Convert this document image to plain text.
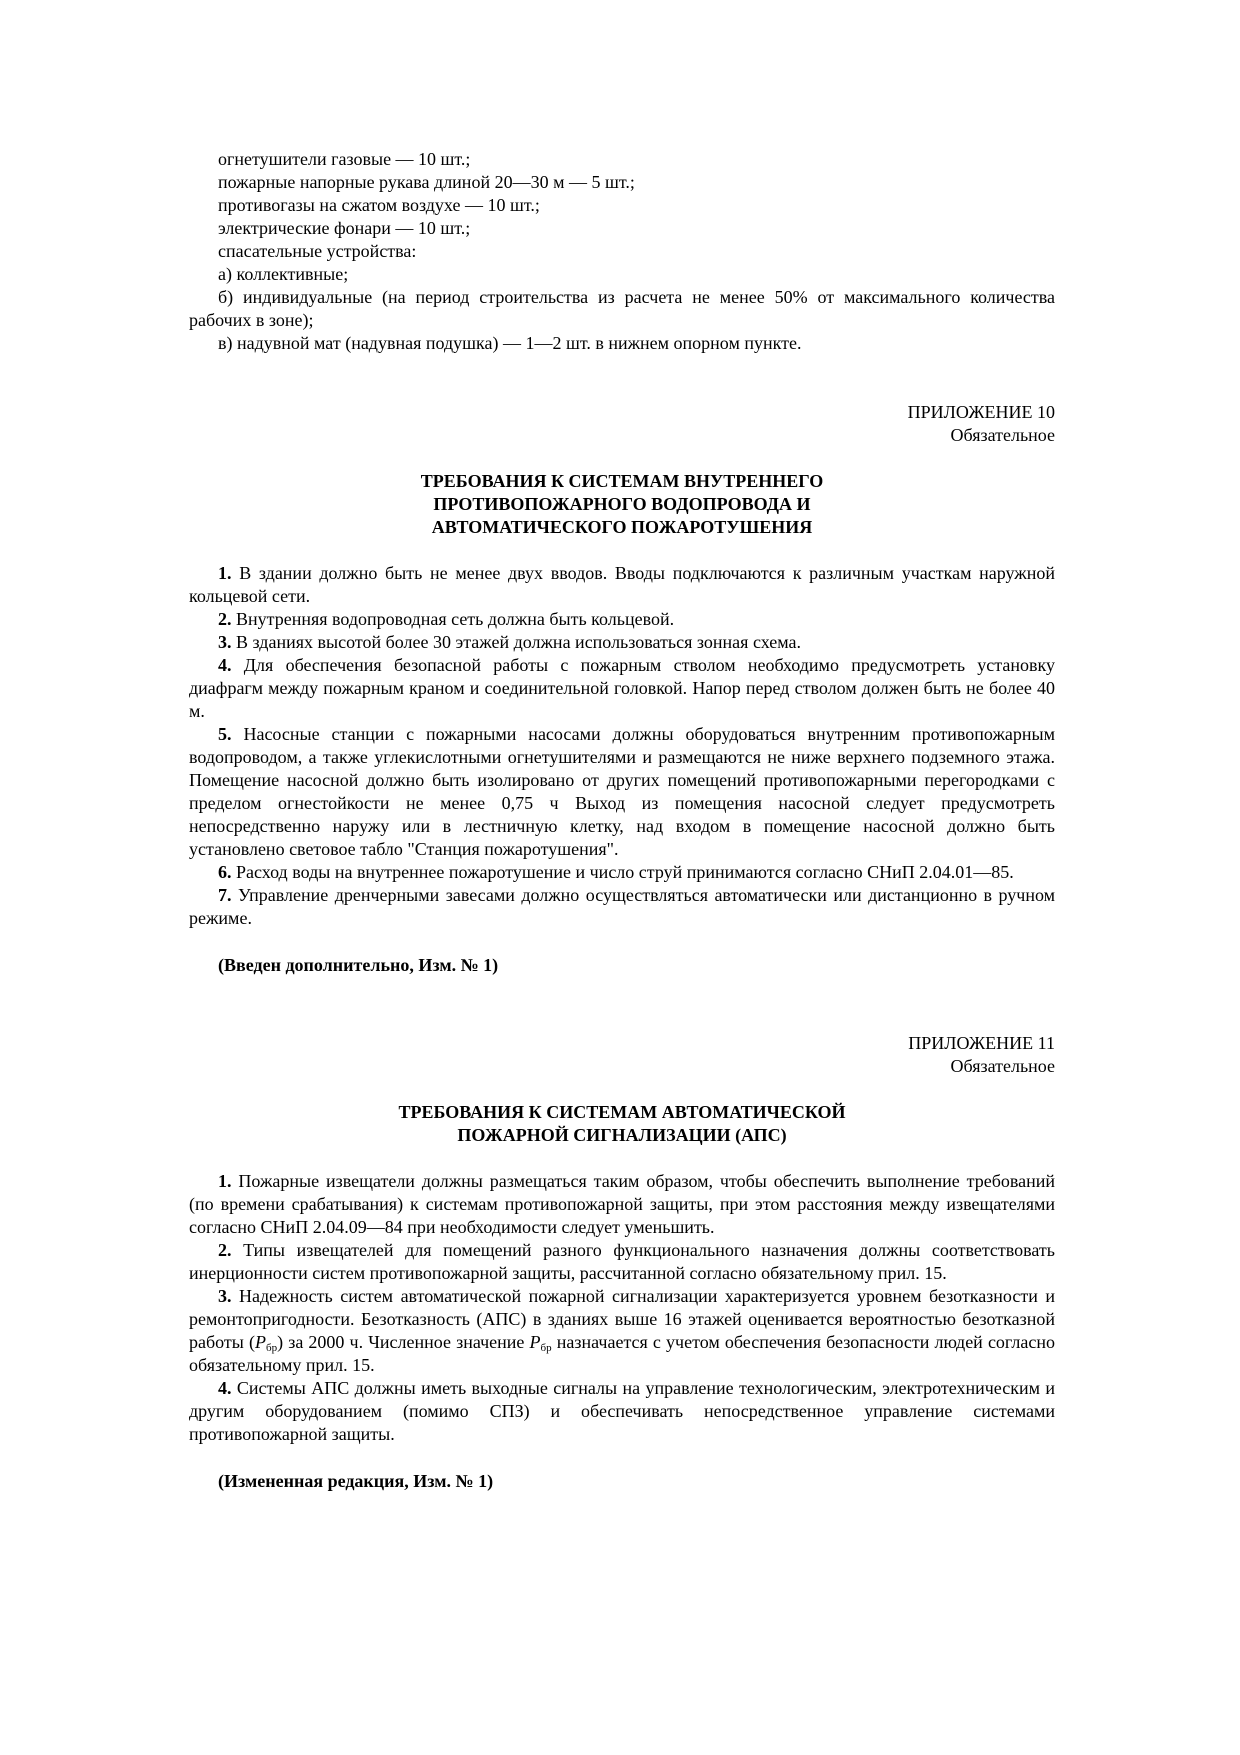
огнетушители газовые — 10 шт.;

пожарные напорные рукава длиной 20—30 м — 5 шт.;

противогазы на сжатом воздухе — 10 шт.;

электрические фонари — 10 шт.;

спасательные устройства:

а) коллективные;

б) индивидуальные (на период строительства из расчета не менее 50% от максимального количества рабочих в зоне);

в) надувной мат (надувная подушка) — 1—2 шт. в нижнем опорном пункте.

ПРИЛОЖЕНИЕ 10
Обязательное
ТРЕБОВАНИЯ К СИСТЕМАМ ВНУТРЕННЕГО
ПРОТИВОПОЖАРНОГО ВОДОПРОВОДА И
АВТОМАТИЧЕСКОГО ПОЖАРОТУШЕНИЯ

1. В здании должно быть не менее двух вводов. Вводы подключаются к различным участкам наружной кольцевой сети.

2. Внутренняя водопроводная сеть должна быть кольцевой.

3. В зданиях высотой более 30 этажей должна использоваться зонная схема.

4. Для обеспечения безопасной работы с пожарным стволом необходимо предусмотреть установку диафрагм между пожарным краном и соединительной головкой. Напор перед стволом должен быть не более 40 м.

5. Насосные станции с пожарными насосами должны оборудоваться внутренним противопожарным водопроводом, а также углекислотными огнетушителями и размещаются не ниже верхнего подземного этажа. Помещение насосной должно быть изолировано от других помещений противопожарными перегородками с пределом огнестойкости не менее 0,75 ч Выход из помещения насосной следует предусмотреть непосредственно наружу или в лестничную клетку, над входом в помещение насосной должно быть установлено световое табло "Станция пожаротушения".

6. Расход воды на внутреннее пожаротушение и число струй принимаются согласно СНиП 2.04.01—85.

7. Управление дренчерными завесами должно осуществляться автоматически или дистанционно в ручном режиме.

(Введен дополнительно, Изм. № 1)

ПРИЛОЖЕНИЕ 11
Обязательное
ТРЕБОВАНИЯ К СИСТЕМАМ АВТОМАТИЧЕСКОЙ
ПОЖАРНОЙ СИГНАЛИЗАЦИИ (АПС)

1. Пожарные извещатели должны размещаться таким образом, чтобы обеспечить выполнение требований (по времени срабатывания) к системам противопожарной защиты, при этом расстояния между извещателями согласно СНиП 2.04.09—84 при необходимости следует уменьшить.

2. Типы извещателей для помещений разного функционального назначения должны соответствовать инерционности систем противопожарной защиты, рассчитанной согласно обязательному прил. 15.

3. Надежность систем автоматической пожарной сигнализации характеризуется уровнем безотказности и ремонтопригодности. Безотказность (АПС) в зданиях выше 16 этажей оценивается вероятностью безотказной работы $(P_{бр})$ за 2000 ч. Численное значение $P_{бр}$ назначается с учетом обеспечения безопасности людей согласно обязательному прил. 15.

4. Системы АПС должны иметь выходные сигналы на управление технологическим, электротехническим и другим оборудованием (помимо СПЗ) и обеспечивать непосредственное управление системами противопожарной защиты.

(Измененная редакция, Изм. № 1)
